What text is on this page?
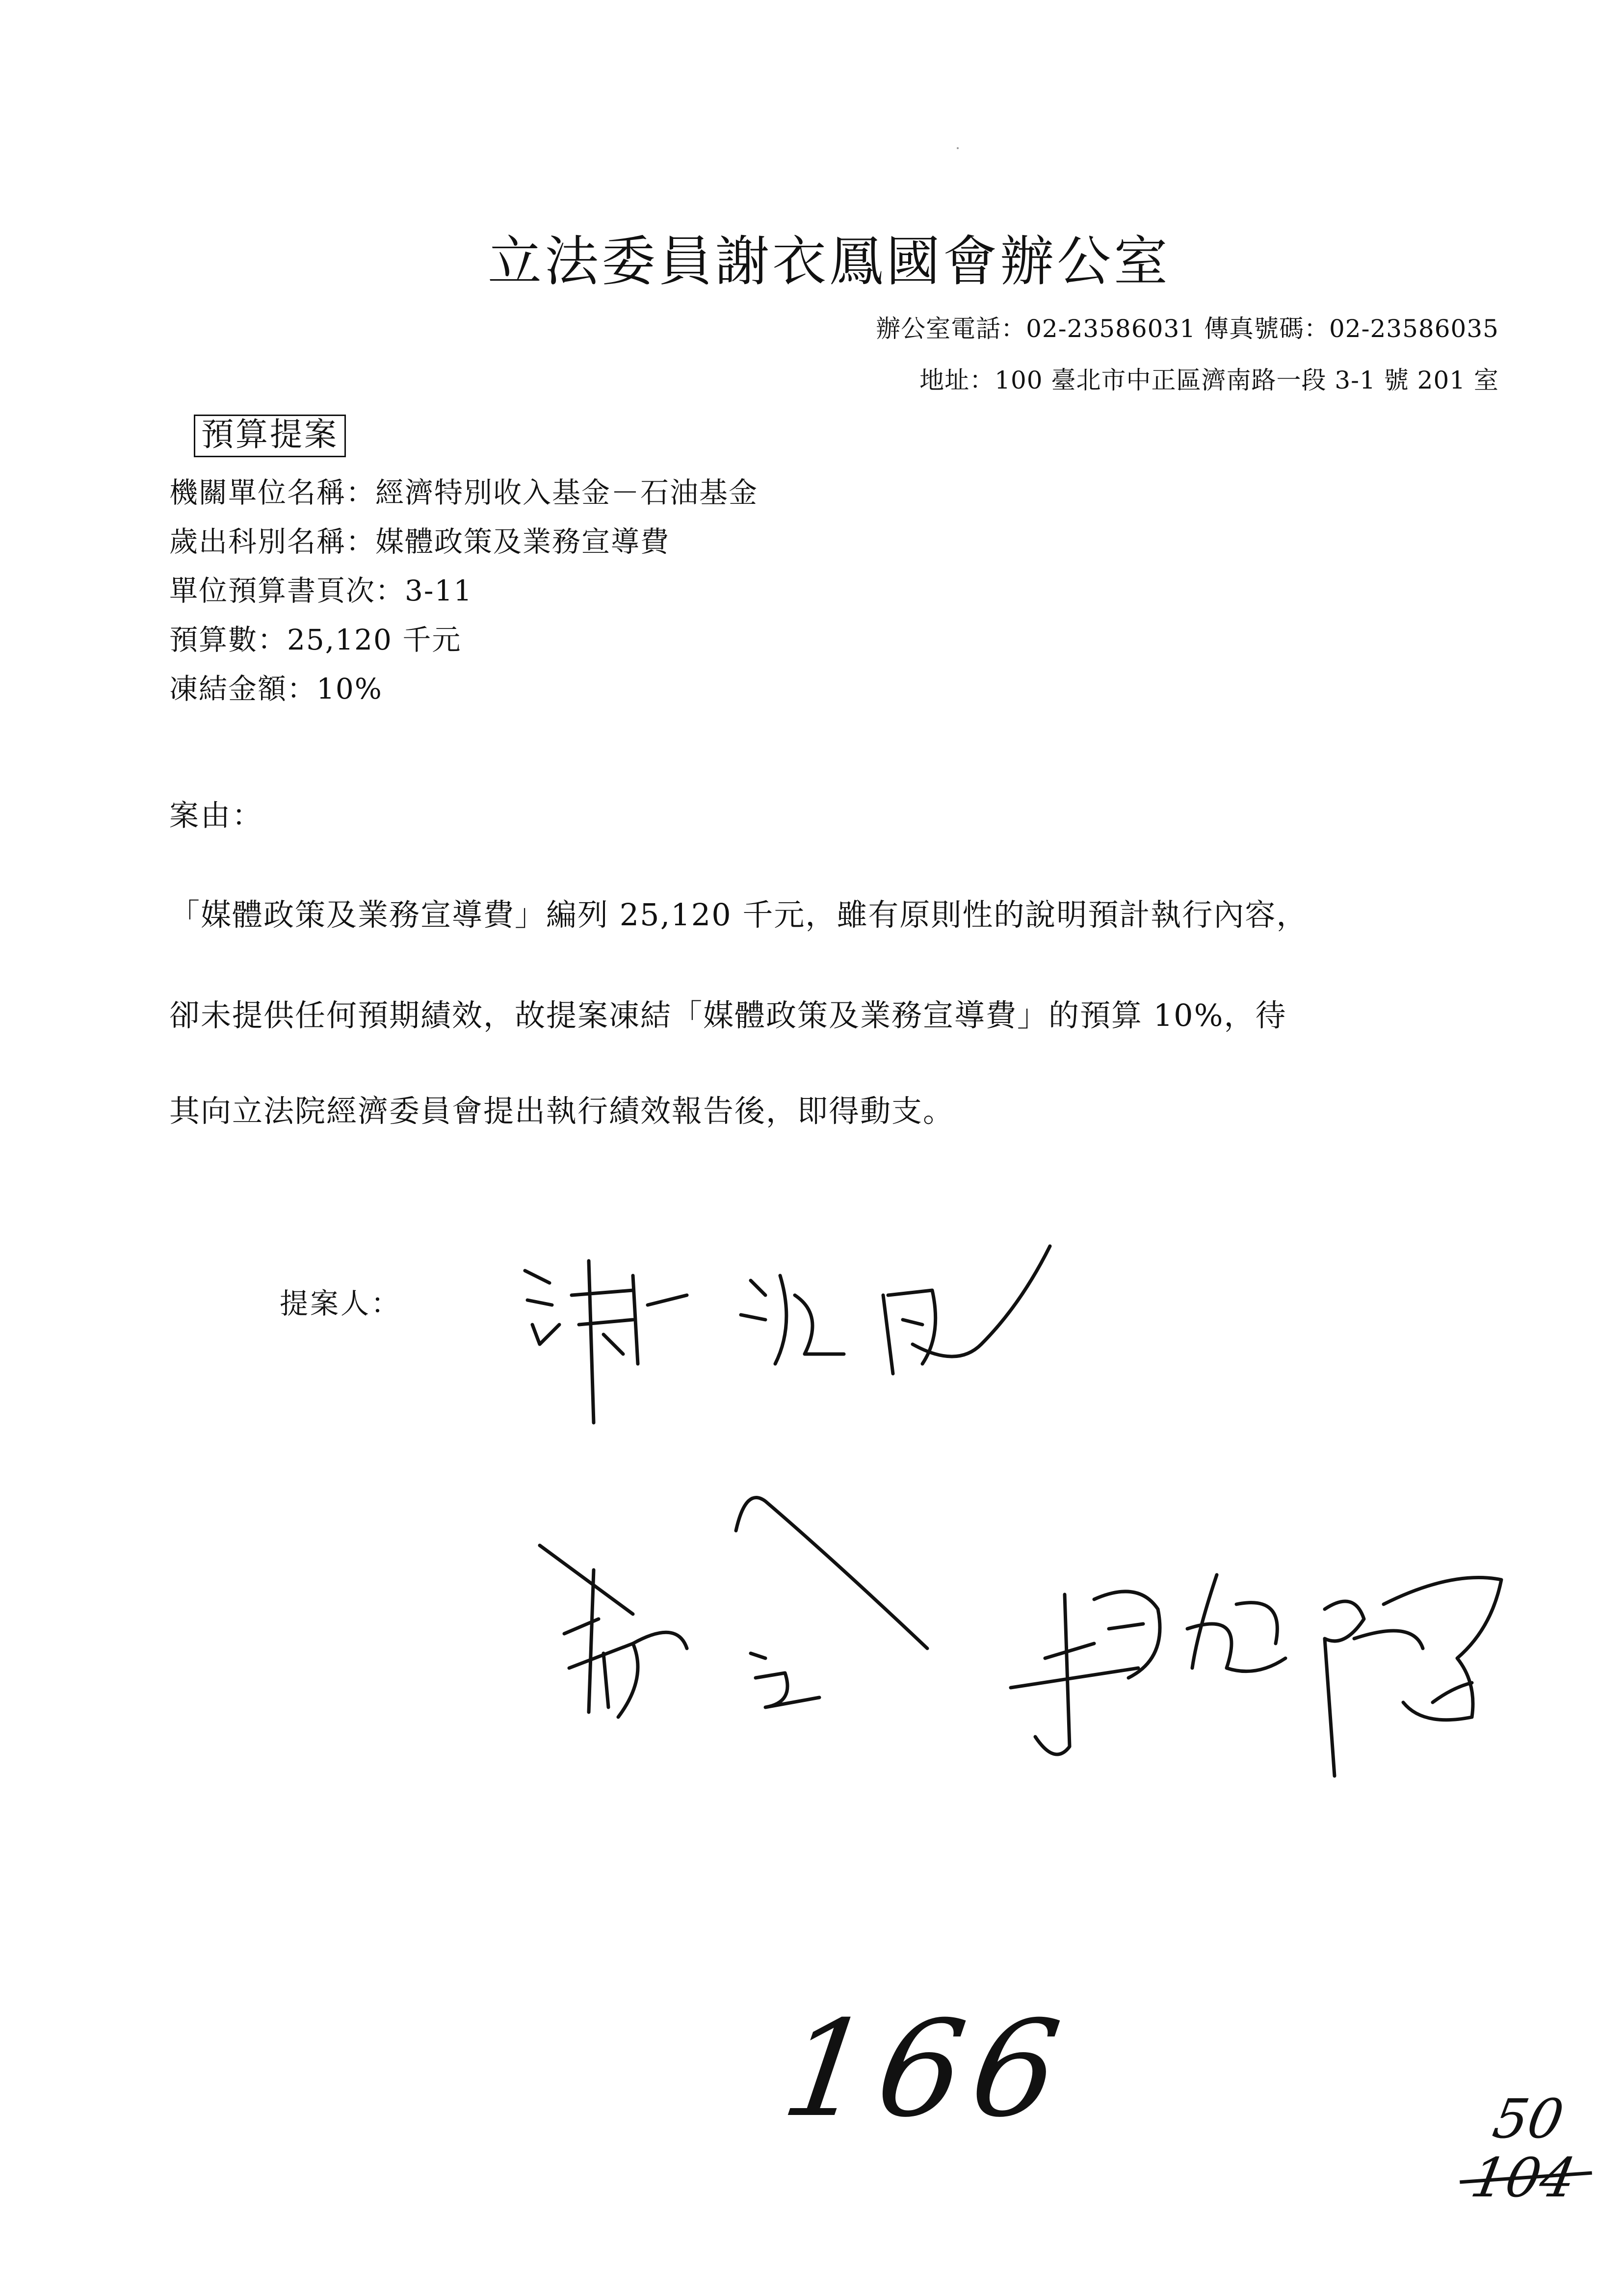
立法委員謝衣鳳國會辦公室
辦公室電話：02-23586031 傳真號碼：02-23586035
地址：100 臺北市中正區濟南路一段 3-1 號 201 室
預算提案
機關單位名稱：經濟特別收入基金－石油基金
歲出科別名稱：媒體政策及業務宣導費
單位預算書頁次：3-11
預算數：25,120 千元
凍結金額：10%
案由：
「媒體政策及業務宣導費」編列 25,120 千元，雖有原則性的說明預計執行內容，
卻未提供任何預期績效，故提案凍結「媒體政策及業務宣導費」的預算 10%，待
其向立法院經濟委員會提出執行績效報告後，即得動支。
提案人：
166	50
104
